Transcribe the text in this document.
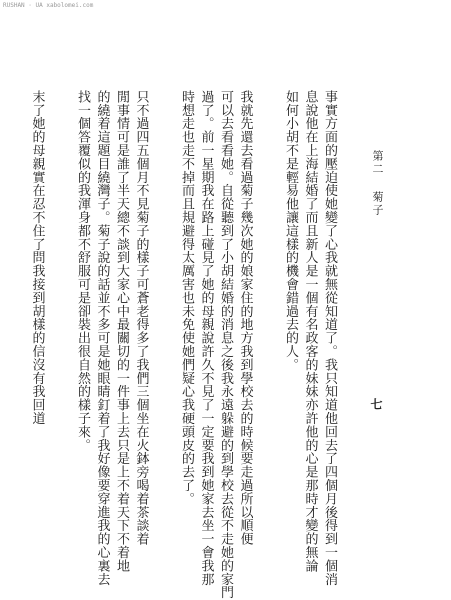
RUSHAN · UA xabolomei.com
第二 菊子
七

事實方面的壓迫使她變了心我就無從知道了。我只知道他回去了四個月後得到一個消

息說他在上海結婚了而且新人是一個有名政客的妹妹亦許他的心是那時才變的無論

如何小胡不是輕易他讓這樣的機會錯過去的人。

我就先還去看過菊子幾次她的娘家住的地方我到學校去的時候要走過所以順便

可以去看看她。自從聽到了小胡結婚的消息之後我永遠躲避的到學校去從不走她的家門

過了。前一星期我在路上碰見了她的母親說許久不見了一定要我到她家去坐一會我那

時想走也走不掉而且規避得太厲害也未免使她們疑心我硬頭皮的去了。

只不過四五個月不見菊子的樣子可蒼老得多了我們三個坐在火鉢旁喝着茶談着

閒事情可是誰了半天總不談到大家心中最關切的一件事上去只是上不着天下不着地

的繞着這題目繞灣子。菊子說的話並不多可是她眼睛釘着了我好像要穿進我的心裏去

找一個答覆似的我渾身都不舒服可是卻裝出很自然的樣子來。

末了她的母親實在忍不住了問我接到胡樣的信沒有我回道
